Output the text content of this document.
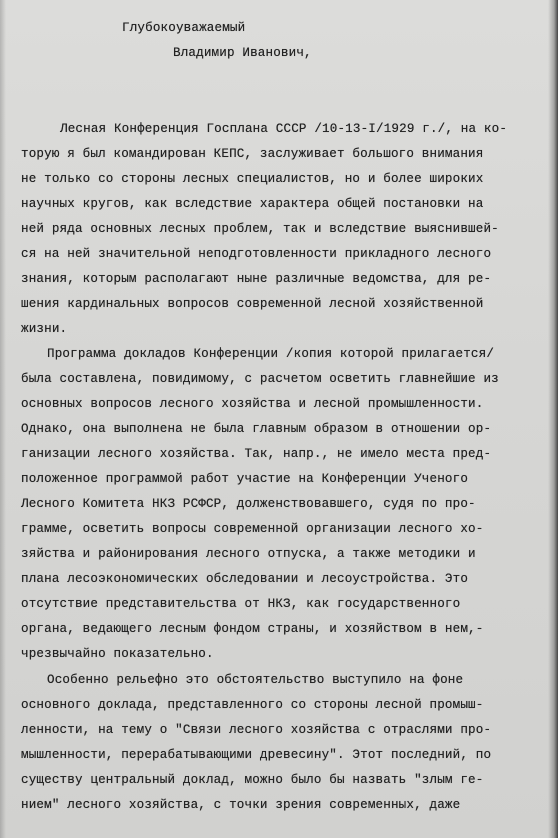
Глубокоуважаемый
Владимир Иванович,
Лесная Конференция Госплана СССР /10-13-I/1929 г./, на ко-
торую я был командирован КЕПС, заслуживает большого внимания
не только со стороны лесных специалистов, но и более широких
научных кругов, как вследствие характера общей постановки на
ней ряда основных лесных проблем, так и вследствие выяснившей-
ся на ней значительной неподготовленности прикладного лесного
знания, которым располагают ныне различные ведомства, для ре-
шения кардинальных вопросов современной лесной хозяйственной
жизни.
Программа докладов Конференции /копия которой прилагается/
была составлена, повидимому, с расчетом осветить главнейшие из
основных вопросов лесного хозяйства и лесной промышленности.
Однако, она выполнена не была главным образом в отношении ор-
ганизации лесного хозяйства. Так, напр., не имело места пред-
положенное программой работ участие на Конференции Ученого
Лесного Комитета НКЗ РСФСР, долженствовавшего, судя по про-
грамме, осветить вопросы современной организации лесного хо-
зяйства и районирования лесного отпуска, а также методики и
плана лесоэкономических обследовании и лесоустройства. Это
отсутствие представительства от НКЗ, как государственного
органа, ведающего лесным фондом страны, и хозяйством в нем,-
чрезвычайно показательно.
Особенно рельефно это обстоятельство выступило на фоне
основного доклада, представленного со стороны лесной промыш-
ленности, на тему о "Связи лесного хозяйства с отраслями про-
мышленности, перерабатывающими древесину". Этот последний, по
существу центральный доклад, можно было бы назвать "злым ге-
нием" лесного хозяйства, с точки зрения современных, даже
